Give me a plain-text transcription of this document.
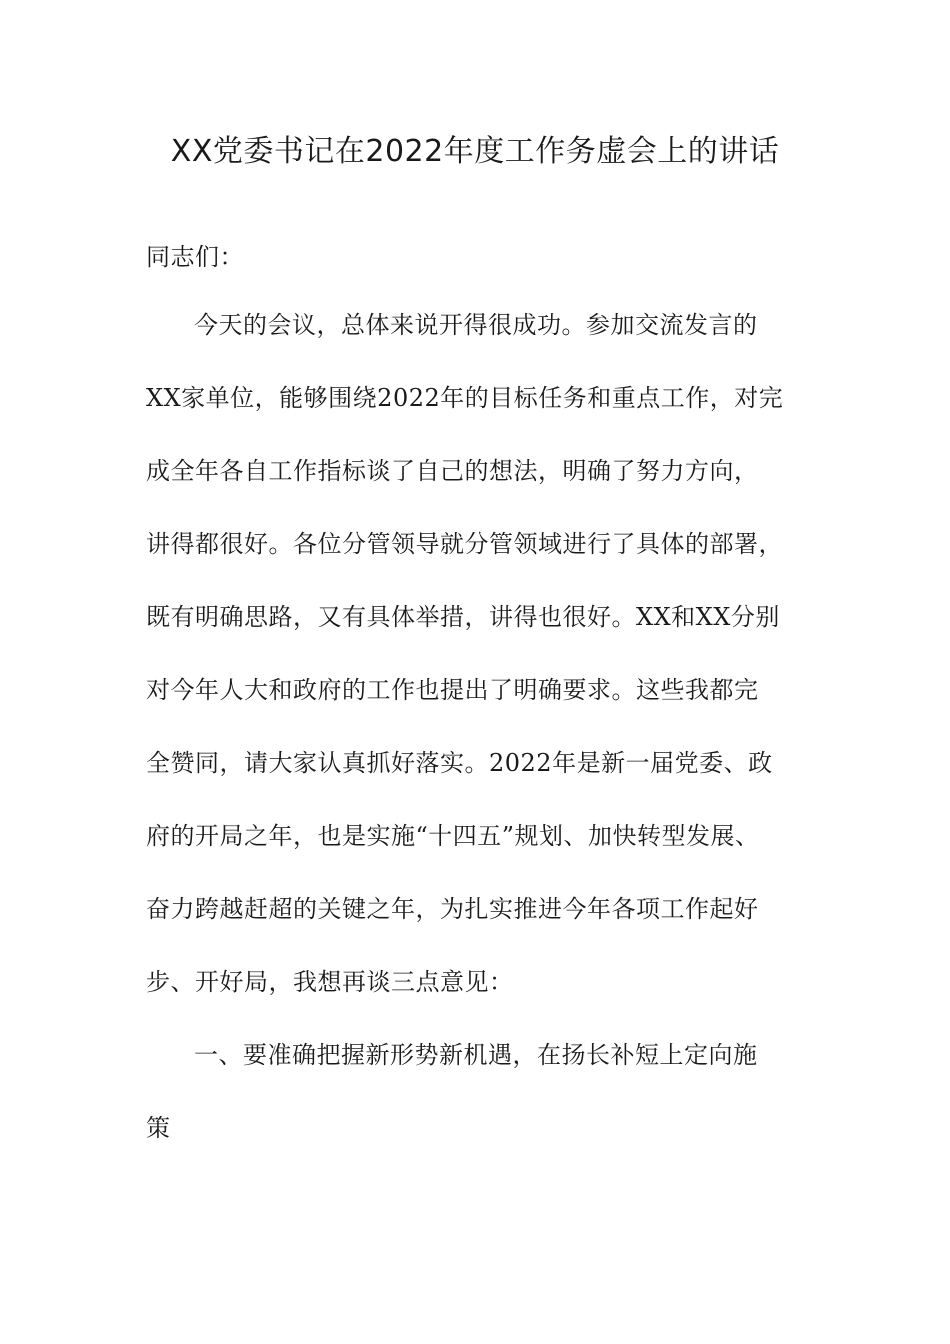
XX党委书记在2022年度工作务虚会上的讲话
同志们：
今天的会议，总体来说开得很成功。参加交流发言的
XX家单位，能够围绕2022年的目标任务和重点工作，对完
成全年各自工作指标谈了自己的想法，明确了努力方向，
讲得都很好。各位分管领导就分管领域进行了具体的部署，
既有明确思路，又有具体举措，讲得也很好。XX和XX分别
对今年人大和政府的工作也提出了明确要求。这些我都完
全赞同，请大家认真抓好落实。2022年是新一届党委、政
府的开局之年，也是实施“十四五”规划、加快转型发展、
奋力跨越赶超的关键之年，为扎实推进今年各项工作起好
步、开好局，我想再谈三点意见：
一、要准确把握新形势新机遇，在扬长补短上定向施
策
